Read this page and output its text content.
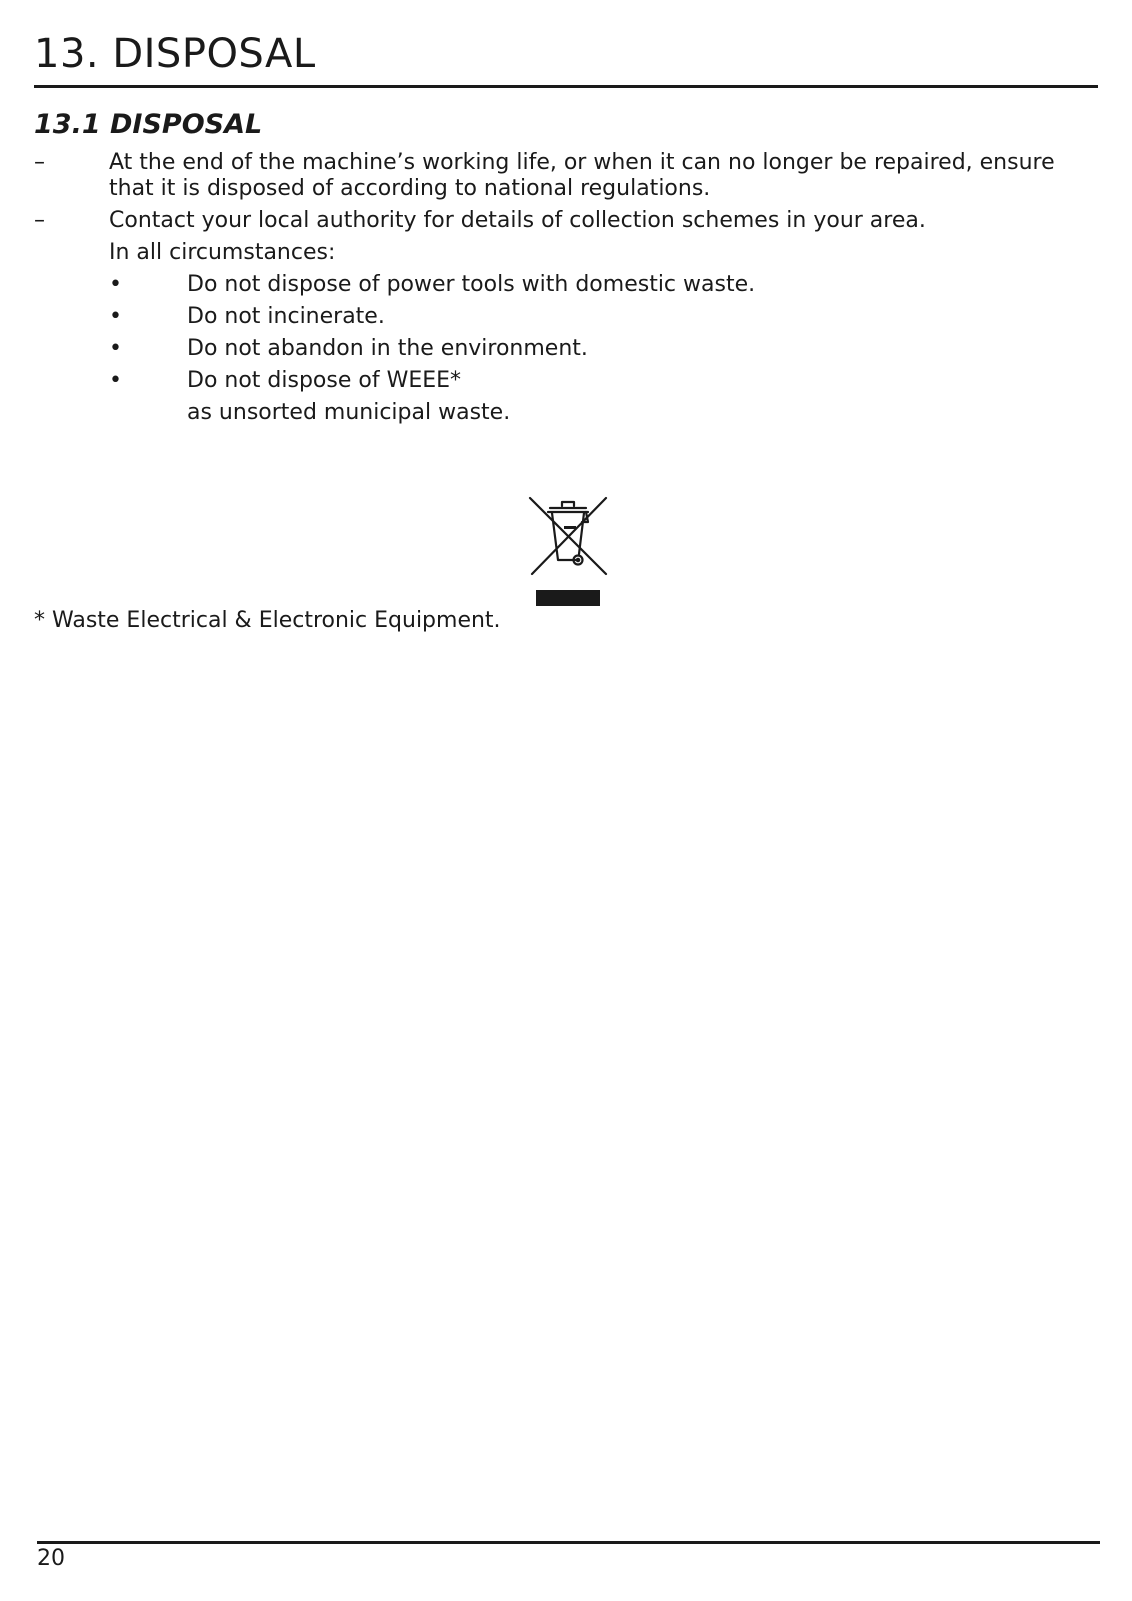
13. DISPOSAL
13.1 DISPOSAL
–	At the end of the machine’s working life, or when it can no longer be repaired, ensure
that it is disposed of according to national regulations.
–	Contact your local authority for details of collection schemes in your area.
In all circumstances:
•	Do not dispose of power tools with domestic waste.
•	Do not incinerate.
•	Do not abandon in the environment.
•	Do not dispose of WEEE*
as unsorted municipal waste.
* Waste Electrical & Electronic Equipment.
20
